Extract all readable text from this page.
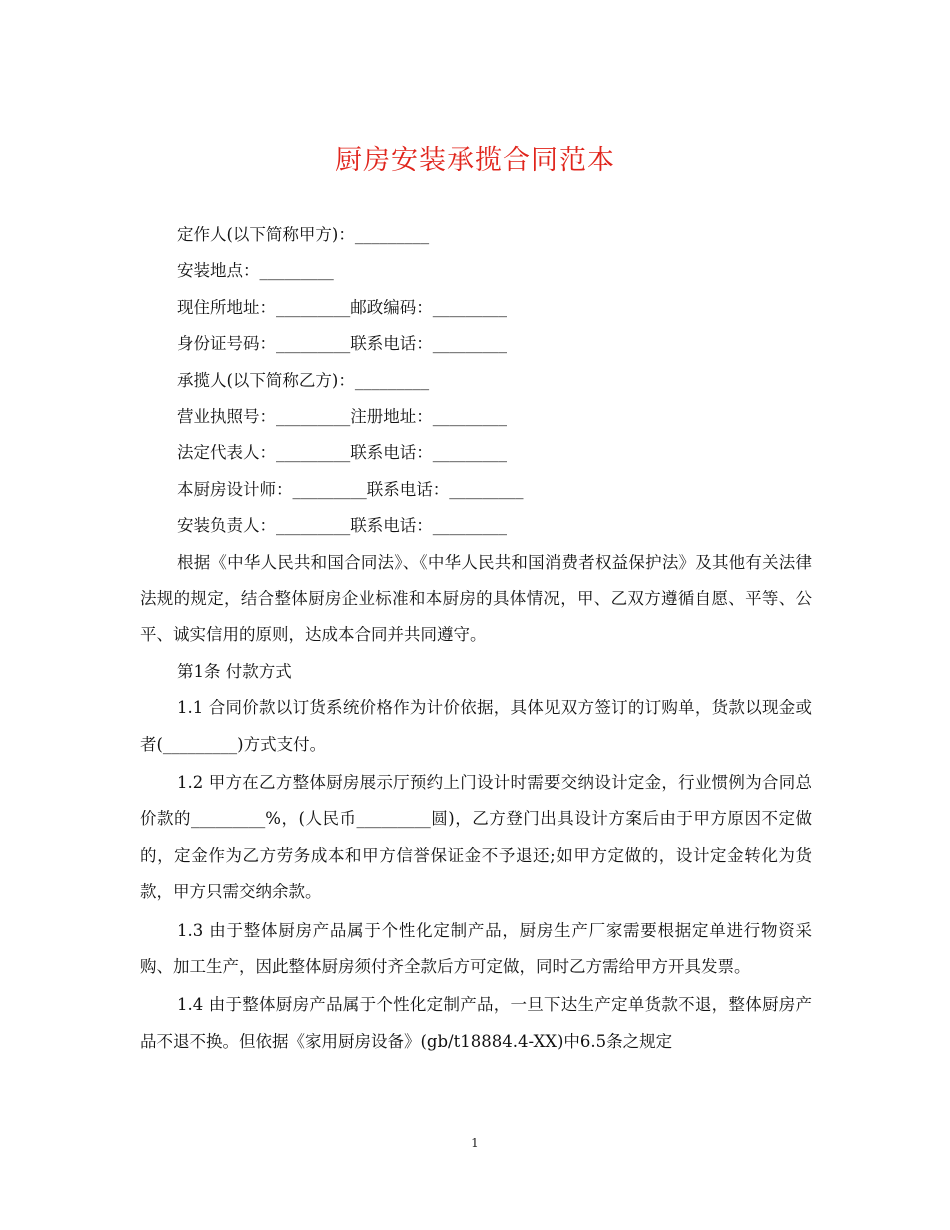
厨房安装承揽合同范本

定作人(以下简称甲方)：_________

安装地点：_________

现住所地址：_________邮政编码：_________

身份证号码：_________联系电话：_________

承揽人(以下简称乙方)：_________

营业执照号：_________注册地址：_________

法定代表人：_________联系电话：_________

本厨房设计师：_________联系电话：_________

安装负责人：_________联系电话：_________

根据《中华人民共和国合同法》、《中华人民共和国消费者权益保护法》及其他有关法律法规的规定，结合整体厨房企业标准和本厨房的具体情况，甲、乙双方遵循自愿、平等、公平、诚实信用的原则，达成本合同并共同遵守。

第1条 付款方式

1.1 合同价款以订货系统价格作为计价依据，具体见双方签订的订购单，货款以现金或者(_________)方式支付。

1.2 甲方在乙方整体厨房展示厅预约上门设计时需要交纳设计定金，行业惯例为合同总价款的_________%，(人民币_________圆)，乙方登门出具设计方案后由于甲方原因不定做的，定金作为乙方劳务成本和甲方信誉保证金不予退还;如甲方定做的，设计定金转化为货款，甲方只需交纳余款。

1.3 由于整体厨房产品属于个性化定制产品，厨房生产厂家需要根据定单进行物资采购、加工生产，因此整体厨房须付齐全款后方可定做，同时乙方需给甲方开具发票。

1.4 由于整体厨房产品属于个性化定制产品，一旦下达生产定单货款不退，整体厨房产品不退不换。但依据《家用厨房设备》(gb/t18884.4-XX)中6.5条之规定

1
